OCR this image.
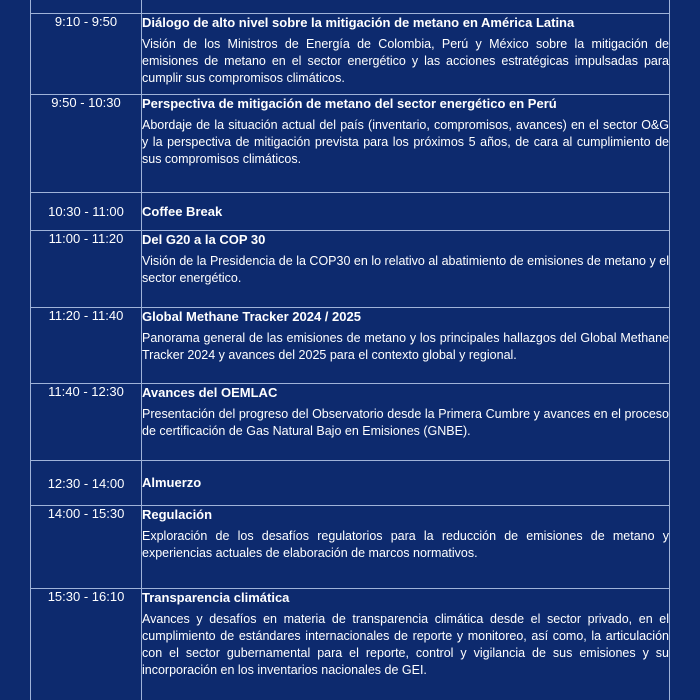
9:10 - 9:50	Diálogo de alto nivel sobre la mitigación de metano en América Latina
Visión de los Ministros de Energía de Colombia, Perú y México sobre la mitigación de emisiones de metano en el sector energético y las acciones estratégicas impulsadas para cumplir sus compromisos climáticos.

9:50 - 10:30	Perspectiva de mitigación de metano del sector energético en Perú
Abordaje de la situación actual del país (inventario, compromisos, avances) en el sector O&G y la perspectiva de mitigación prevista para los próximos 5 años, de cara al cumplimiento de sus compromisos climáticos.

10:30 - 11:00	Coffee Break

11:00 - 11:20	Del G20 a la COP 30
Visión de la Presidencia de la COP30 en lo relativo al abatimiento de emisiones de metano y el sector energético.

11:20 - 11:40	Global Methane Tracker 2024 / 2025
Panorama general de las emisiones de metano y los principales hallazgos del Global Methane Tracker 2024 y avances del 2025 para el contexto global y regional.

11:40 - 12:30	Avances del OEMLAC
Presentación del progreso del Observatorio desde la Primera Cumbre y avances en el proceso de certificación de Gas Natural Bajo en Emisiones (GNBE).

12:30 - 14:00	Almuerzo

14:00 - 15:30	Regulación
Exploración de los desafíos regulatorios para la reducción de emisiones de metano y experiencias actuales de elaboración de marcos normativos.

15:30 - 16:10	Transparencia climática
Avances y desafíos en materia de transparencia climática desde el sector privado, en el cumplimiento de estándares internacionales de reporte y monitoreo, así como, la articulación con el sector gubernamental para el reporte, control y vigilancia de sus emisiones y su incorporación en los inventarios nacionales de GEI.
